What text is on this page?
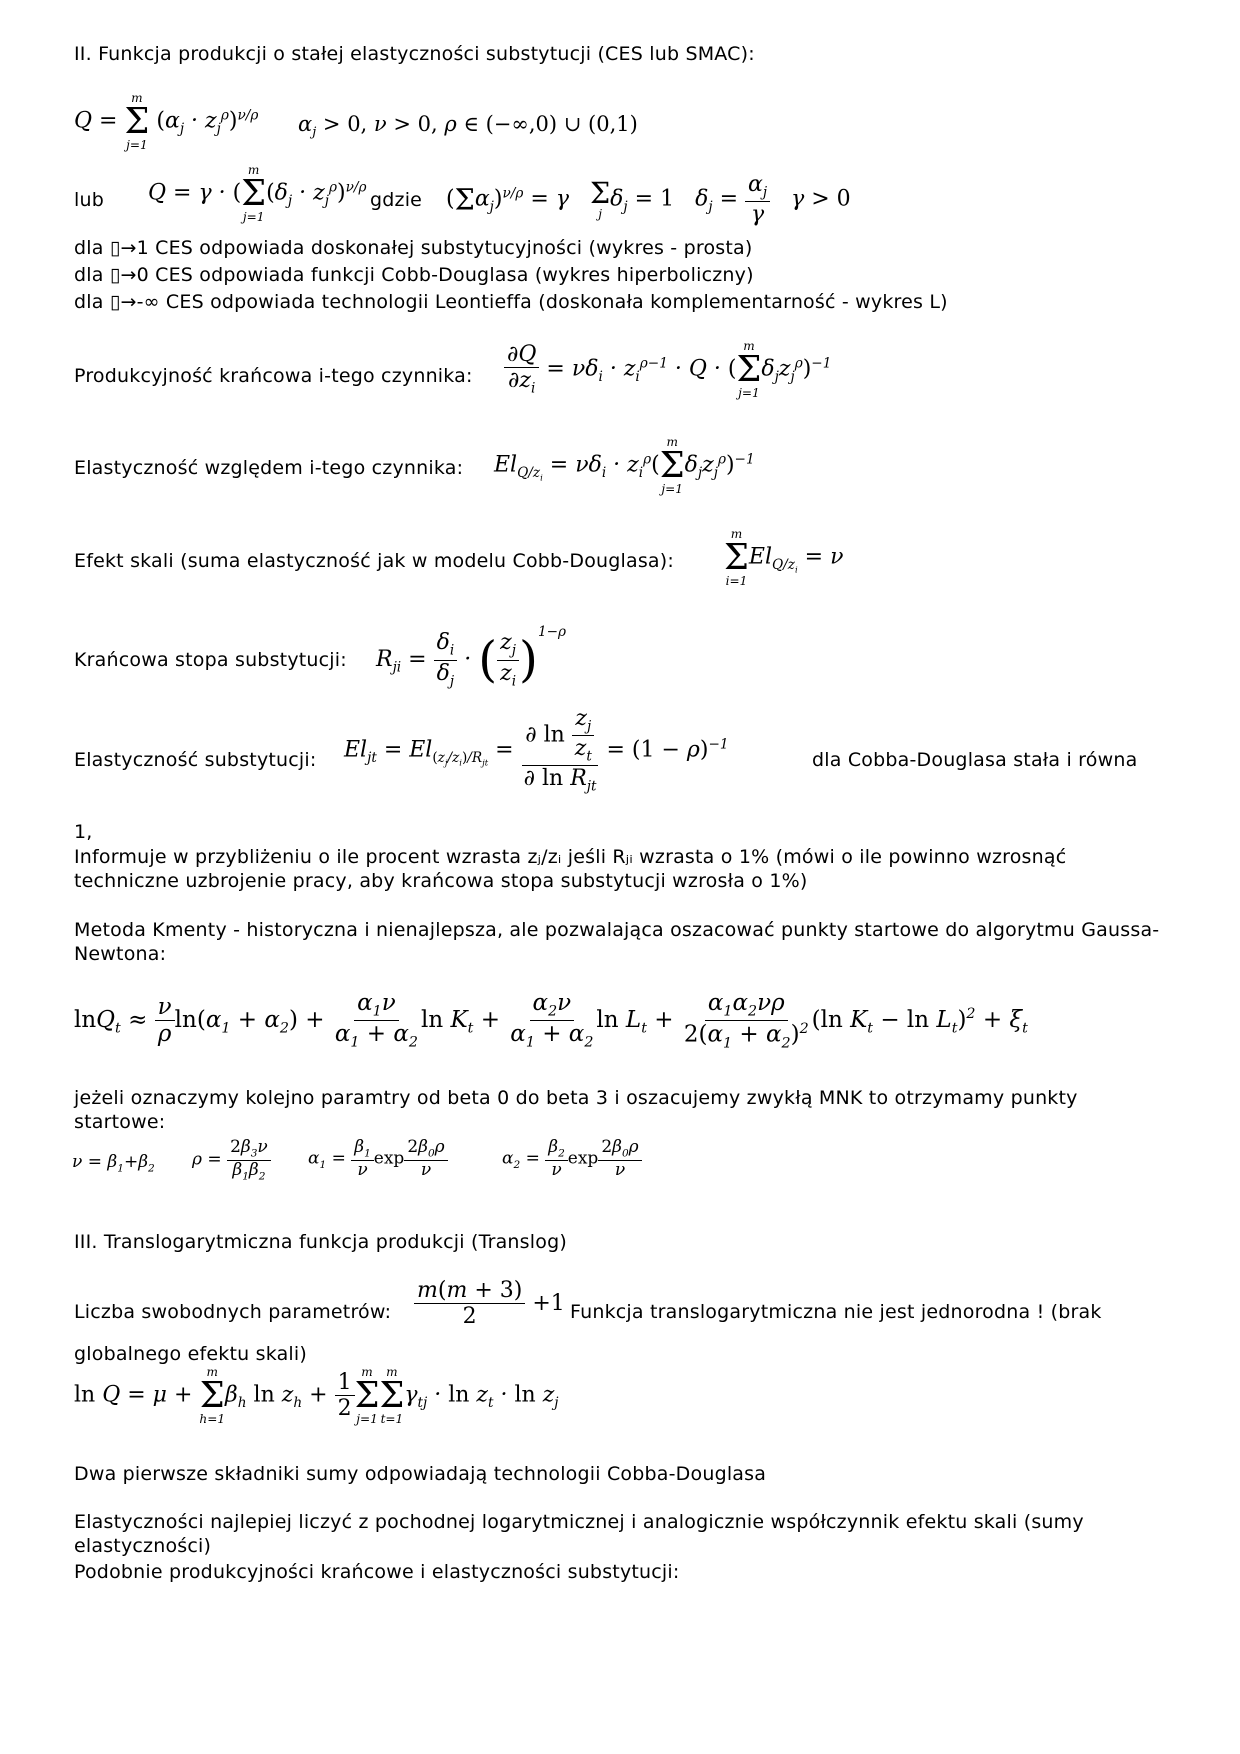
II. Funkcja produkcji o stałej elastyczności substytucji (CES lub SMAC):
Q =
m
Σ
j=1
$(\alpha_j \cdot z_j^\rho)^{\nu/\rho}$ $\alpha_j > 0$, ν > 0, ρ ∈ (−∞,0) ∪ (0,1)
lub Q = γ · (
m
Σ
j=1
$(\delta_j \cdot z_j^\rho)^{\nu/\rho}$
gdzie $(\Sigma\alpha_j)^{\nu/\rho} = \gamma$ Σ
j
$\delta_j = 1$   $\delta_j = \frac{\alpha_j}{\gamma}$ γ > 0
dla ▯→1 CES odpowiada doskonałej substytucyjności (wykres - prosta)
dla ▯→0 CES odpowiada funkcji Cobb-Douglasa (wykres hiperboliczny)
dla ▯→-∞ CES odpowiada technologii Leontieffa (doskonała komplementarność - wykres L)
Produkcyjność krańcowa i-tego czynnika: $\frac{\partial Q}{\partial z_i} = \nu\delta_i \cdot z_i^{\rho-1} \cdot Q$ · (
m
Σ
j=1
$\delta_jz_j^\rho)^{-1}$
Elastyczność względem i-tego czynnika: $El_{Q/z_i} = \nu\delta_i \cdot z_i^\rho$(
m
Σ
j=1
$\delta_jz_j^\rho)^{-1}$
Efekt skali (suma elastyczność jak w modelu Cobb-Douglasa):
m
Σ
i=1
$El_{Q/z_i} = \nu$
Krańcowa stopa substytucji: $R_{ji} = \frac{\delta_i}{\delta_j}$ · ( $\frac{z_j}{z_i} )^{1-\rho}$
Elastyczność substytucji: $El_{jt} = El_{(z_j/z_i)/R_{jt}} = \frac{\partial \ln \frac{z_j}{z_t}}{\partial \ln R_{jt}} = (1 - \rho)^{-1}$
dla Cobba-Douglasa stała i równa
1,
Informuje w przybliżeniu o ile procent wzrasta zⱼ/zᵢ jeśli Rⱼᵢ wzrasta o 1% (mówi o ile powinno wzrosnąć techniczne uzbrojenie pracy, aby krańcowa stopa substytucji wzrosła o 1%)
Metoda Kmenty - historyczna i nienajlepsza, ale pozwalająca oszacować punkty startowe do algorytmu Gaussa-Newtona:
$\ln Q_t \approx \frac{\nu}{\rho} \ln(\alpha_1 + \alpha_2) + \frac{\alpha_1\nu}{\alpha_1 + \alpha_2}$ $\ln K_t + \frac{\alpha_2\nu}{\alpha_1 + \alpha_2}$ $\ln L_t + \frac{\alpha_1\alpha_2\nu\rho}{2(\alpha_1 + \alpha_2)^2} (\ln$ $K_t - \ln L_t)^2 + \xi_t$
jeżeli oznaczymy kolejno paramtry od beta 0 do beta 3 i oszacujemy zwykłą MNK to otrzymamy punkty startowe:
$\nu = \beta_1+\beta_2$ $\rho = \frac{2\beta_3\nu}{\beta_1\beta_2} \alpha_1 = \frac{\beta_1}{\nu}$ $\exp \frac{2\beta_0\rho}{\nu}$	$\alpha_2 = \frac{\beta_2}{\nu}$ $\exp \frac{2\beta_0\rho}{\nu}$
III. Translogarytmiczna funkcja produkcji (Translog)
Liczba swobodnych parametrów: $\frac{m(m + 3)}{2} +1$ Funkcja translogarytmiczna nie jest jednorodna ! (brak
globalnego efektu skali)
ln Q = μ +
m
Σ
h=1
$\beta_h$ $\ln z_h + \frac{1}{2}$ m
Σ
j=1
m
Σ
t=1
$\gamma_{tj} \cdot \ln z_t \cdot \ln z_j$
Dwa pierwsze składniki sumy odpowiadają technologii Cobba-Douglasa
Elastyczności najlepiej liczyć z pochodnej logarytmicznej i analogicznie współczynnik efektu skali (sumy elastyczności)
Podobnie produkcyjności krańcowe i elastyczności substytucji:
